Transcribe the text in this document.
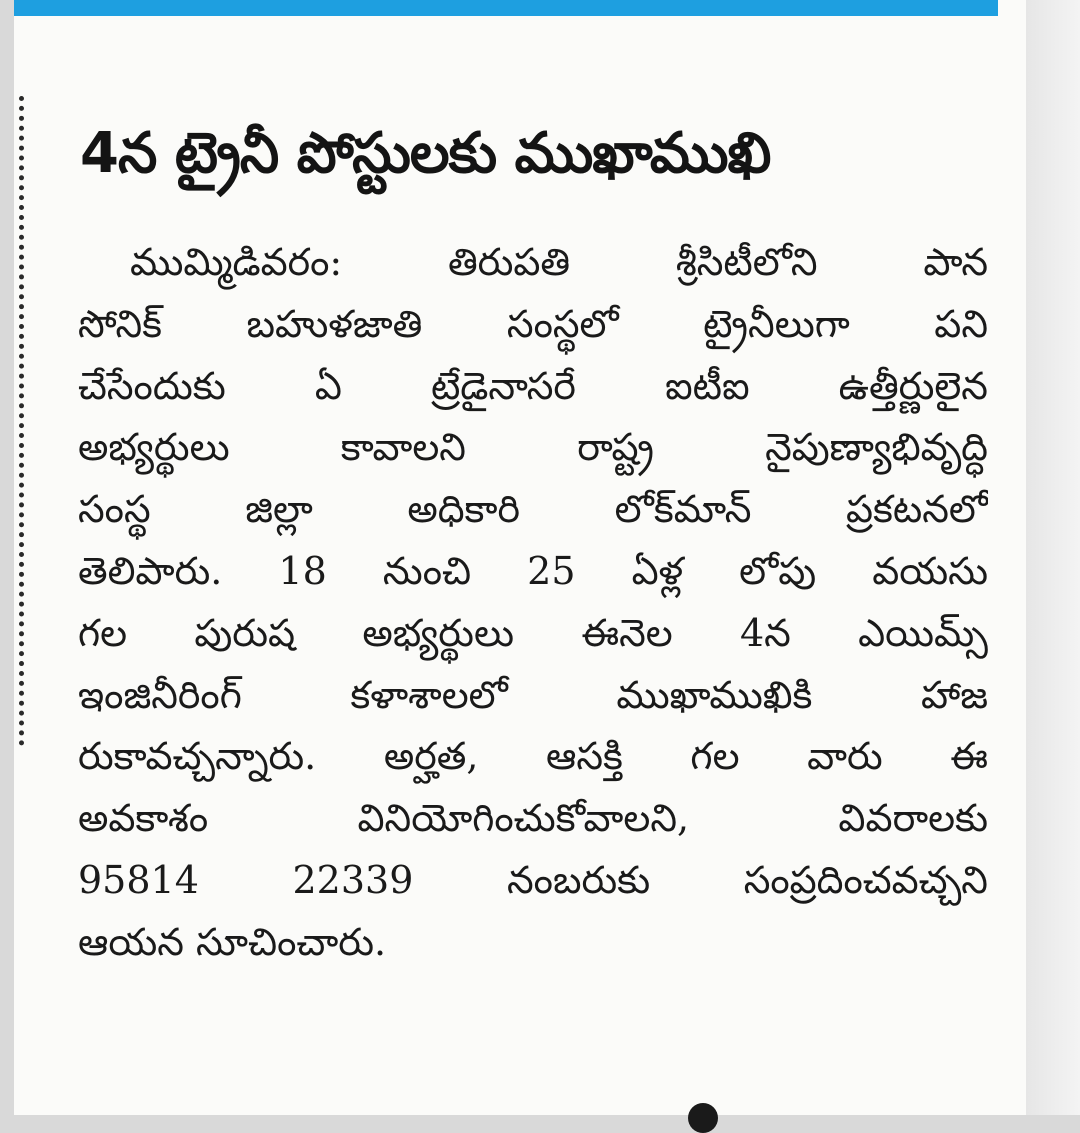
4న ట్రైనీ పోస్టులకు ముఖాముఖి
ముమ్మిడివరం: తిరుపతి శ్రీసిటీలోని పాన
సోనిక్ బహుళజాతి సంస్థలో ట్రైనీలుగా పని
చేసేందుకు ఏ ట్రేడైనాసరే ఐటీఐ ఉత్తీర్ణులైన
అభ్యర్థులు కావాలని రాష్ట్ర నైపుణ్యాభివృద్ధి
సంస్థ జిల్లా అధికారి లోక్‌మాన్ ప్రకటనలో
తెలిపారు. 18 నుంచి 25 ఏళ్ల లోపు వయసు
గల పురుష అభ్యర్థులు ఈనెల 4న ఎయిమ్స్
ఇంజినీరింగ్ కళాశాలలో ముఖాముఖికి హాజ
రుకావచ్చన్నారు. అర్హత, ఆసక్తి గల వారు ఈ
అవకాశం వినియోగించుకోవాలని, వివరాలకు
95814 22339 నంబరుకు సంప్రదించవచ్చని
ఆయన సూచించారు.
